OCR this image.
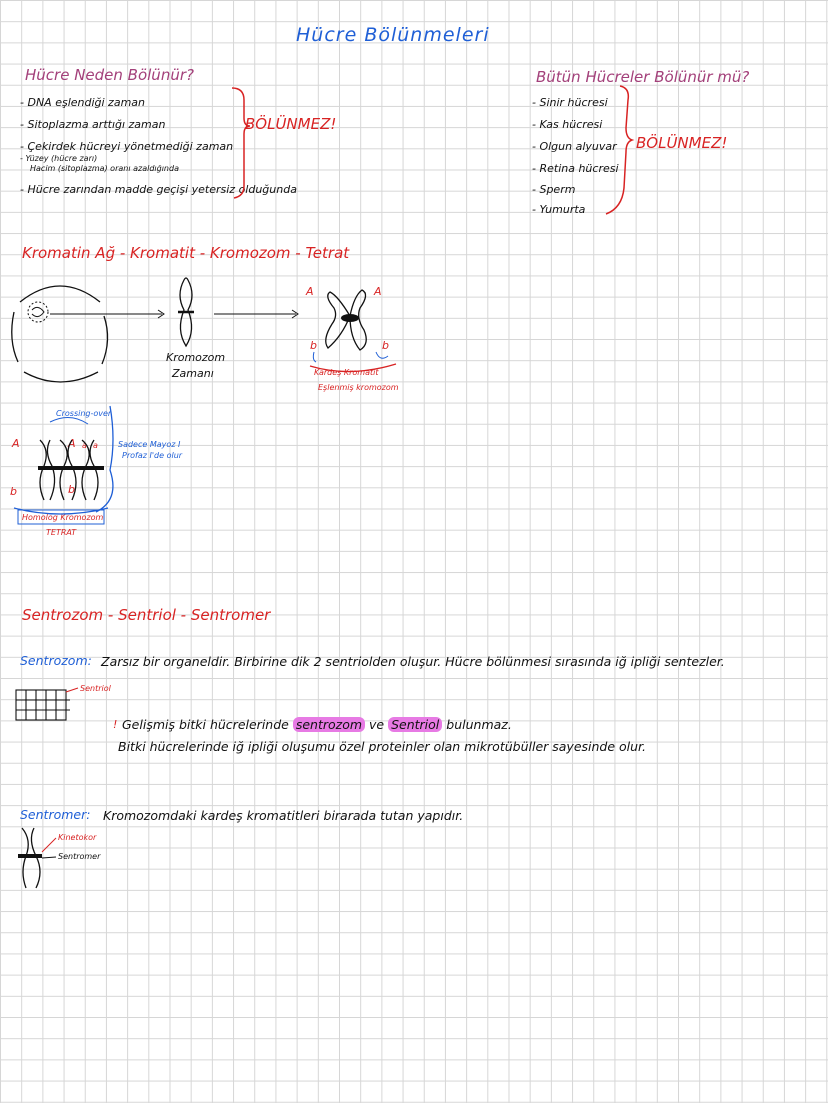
Hücre Bölünmeleri
Hücre Neden Bölünür?
- DNA eşlendiği zaman
- Sitoplazma arttığı zaman
- Çekirdek hücreyi yönetmediği zaman
- Yüzey (hücre zarı)
Hacim (sitoplazma) oranı azaldığında
- Hücre zarından madde geçişi yetersiz olduğunda
BÖLÜNMEZ!
Bütün Hücreler Bölünür mü?
- Sinir hücresi
- Kas hücresi
- Olgun alyuvar
- Retina hücresi
- Sperm
- Yumurta
BÖLÜNMEZ!
Kromatin Ağ - Kromatit - Kromozom - Tetrat
Kromozom
Zamanı
A	A
b	b
Kardeş Kromatit
Eşlenmiş kromozom
Crossing-over
Sadece Mayoz I
Profaz I'de olur
A	A a a
b	b
Homolog Kromozom
TETRAT
Sentrozom - Sentriol - Sentromer
Sentrozom: Zarsız bir organeldir. Birbirine dik 2 sentriolden oluşur. Hücre bölünmesi sırasında iğ ipliği sentezler.
Sentriol
! Gelişmiş bitki hücrelerinde sentrozom ve Sentriol bulunmaz.
Bitki hücrelerinde iğ ipliği oluşumu özel proteinler olan mikrotübüller sayesinde olur.
Sentromer: Kromozomdaki kardeş kromatitleri birarada tutan yapıdır.
Kinetokor
Sentromer
